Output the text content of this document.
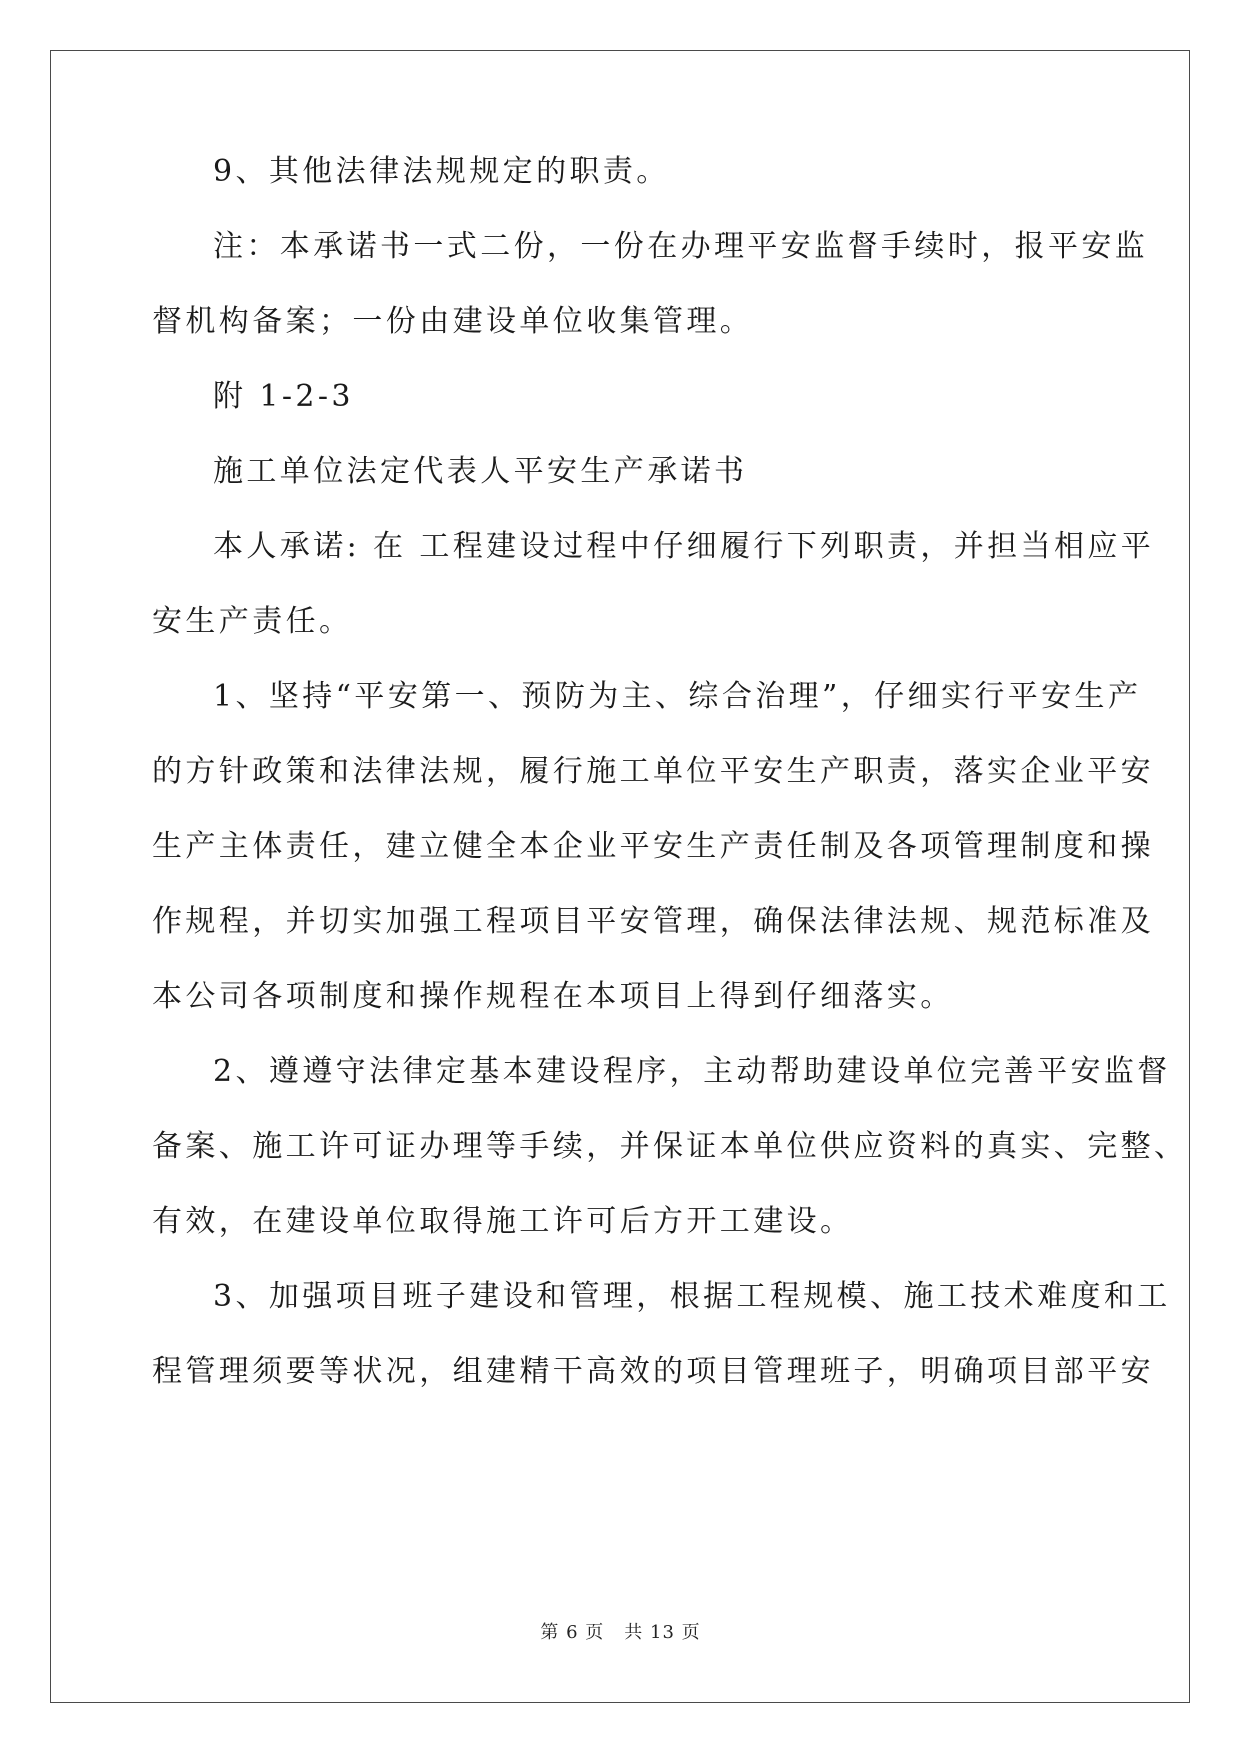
9、其他法律法规规定的职责。
注：本承诺书一式二份，一份在办理平安监督手续时，报平安监
督机构备案；一份由建设单位收集管理。
附 1-2-3
施工单位法定代表人平安生产承诺书
本人承诺: 在 工程建设过程中仔细履行下列职责，并担当相应平
安生产责任。
1、坚持“平安第一、预防为主、综合治理”，仔细实行平安生产
的方针政策和法律法规，履行施工单位平安生产职责，落实企业平安
生产主体责任，建立健全本企业平安生产责任制及各项管理制度和操
作规程，并切实加强工程项目平安管理，确保法律法规、规范标准及
本公司各项制度和操作规程在本项目上得到仔细落实。
2、遵遵守法律定基本建设程序，主动帮助建设单位完善平安监督
备案、施工许可证办理等手续，并保证本单位供应资料的真实、完整、
有效，在建设单位取得施工许可后方开工建设。
3、加强项目班子建设和管理，根据工程规模、施工技术难度和工
程管理须要等状况，组建精干高效的项目管理班子，明确项目部平安
第 6 页 共 13 页
